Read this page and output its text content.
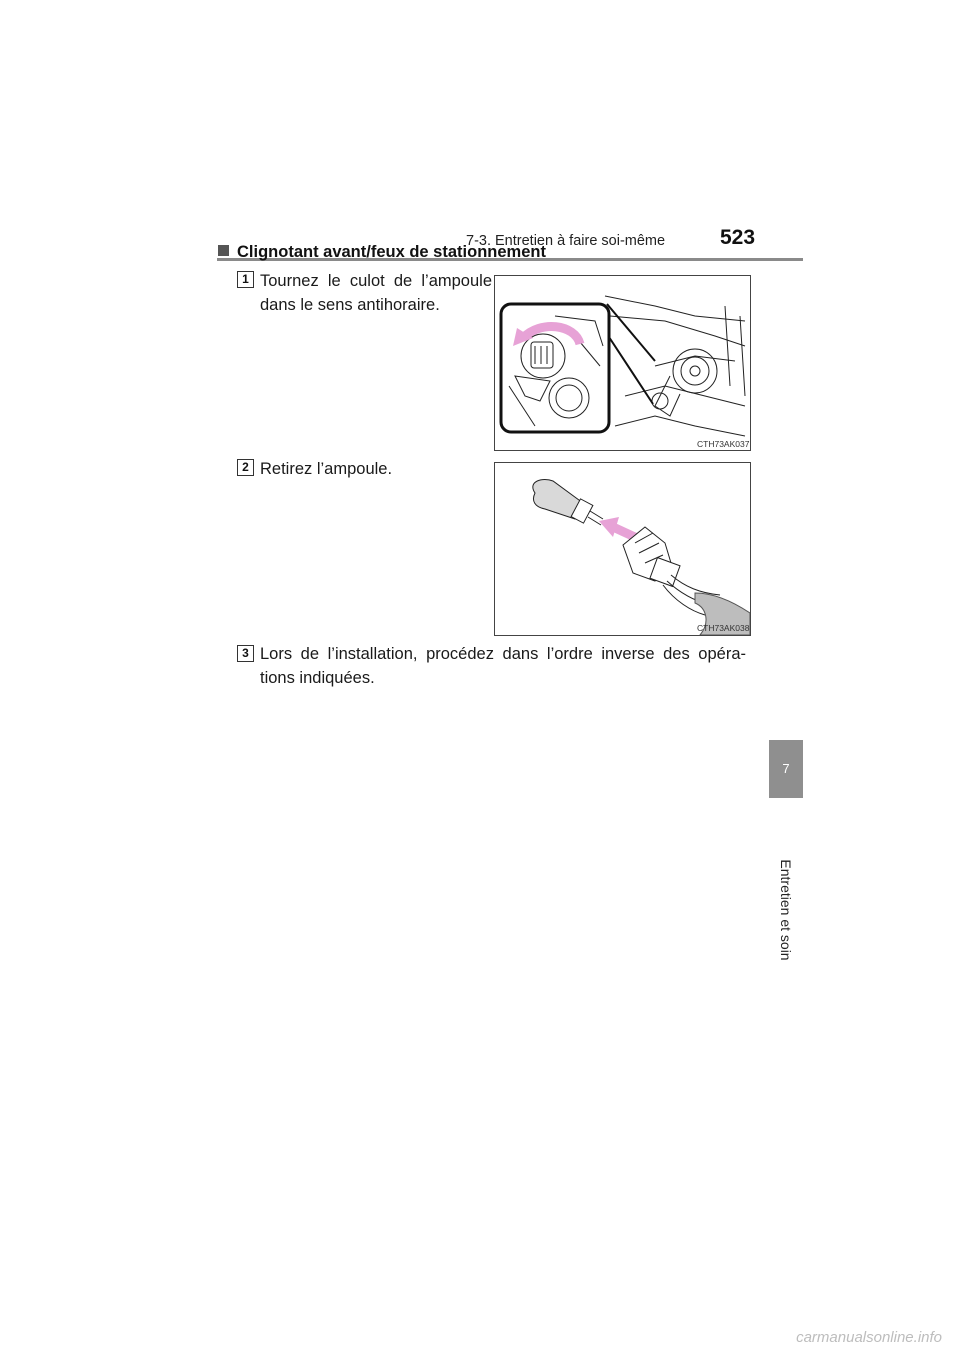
7-3. Entretien à faire soi-même	523
7
Entretien et soin
Clignotant avant/feux de stationnement
1 Tournez le culot de l’ampoule
dans le sens antihoraire.
CTH73AK037
2 Retirez l’ampoule.
CTH73AK038
3 Lors de l’installation, procédez dans l’ordre inverse des opéra-
tions indiquées.
carmanualsonline.info
